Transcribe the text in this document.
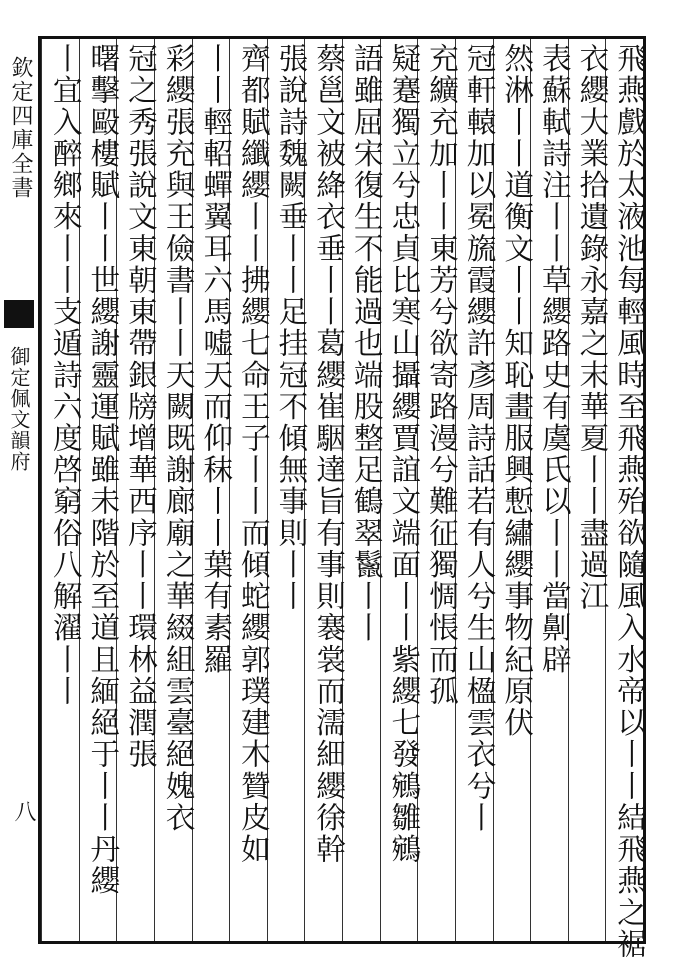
欽定四庫全書
御定佩文韻府
八	飛燕戲於太液池每輕風時至飛燕殆欲隨風入水帝以丨丨結飛燕之裾
衣纓大業拾遺錄永嘉之末華夏丨丨盡過江
表蘇軾詩注丨丨草纓路史有虞氏以丨丨當劓辟
然淋丨丨道衡文丨丨知恥畫服興慙繡纓事物紀原伏
冠軒轅加以冕旒霞纓許彥周詩話若有人兮生山楹雲衣兮丨
充纊充加丨丨東芳兮欲寄路漫兮難征獨惆悵而孤
疑蹇獨立兮忠貞比寒山攝纓賈誼文端面丨丨紫纓七發鵷雛鵷
語雖屈宋復生不能過也端股整足鶴翠鬣丨丨
蔡邕文被絳衣垂丨丨葛纓崔駰達旨有事則褰裳而濡細纓徐幹
張說詩魏闕垂丨丨足挂冠不傾無事則丨丨
齊都賦纖纓丨丨拂纓七命王子丨丨而傾蛇纓郭璞建木贊皮如
丨丨輕軺蟬翼耳六馬嘘天而仰秣丨丨葉有素羅
彩纓張充與王儉書丨丨天闕既謝廊廟之華綴組雲臺絕媿衣
冠之秀張說文東朝東帶銀牓增華西序丨丨環林益潤張
曙擊毆樓賦丨丨世纓謝靈運賦雖未階於至道且緬絕于丨丨丹纓
丨宜入醉鄉來丨丨支遁詩六度啓窮俗八解濯丨丨
